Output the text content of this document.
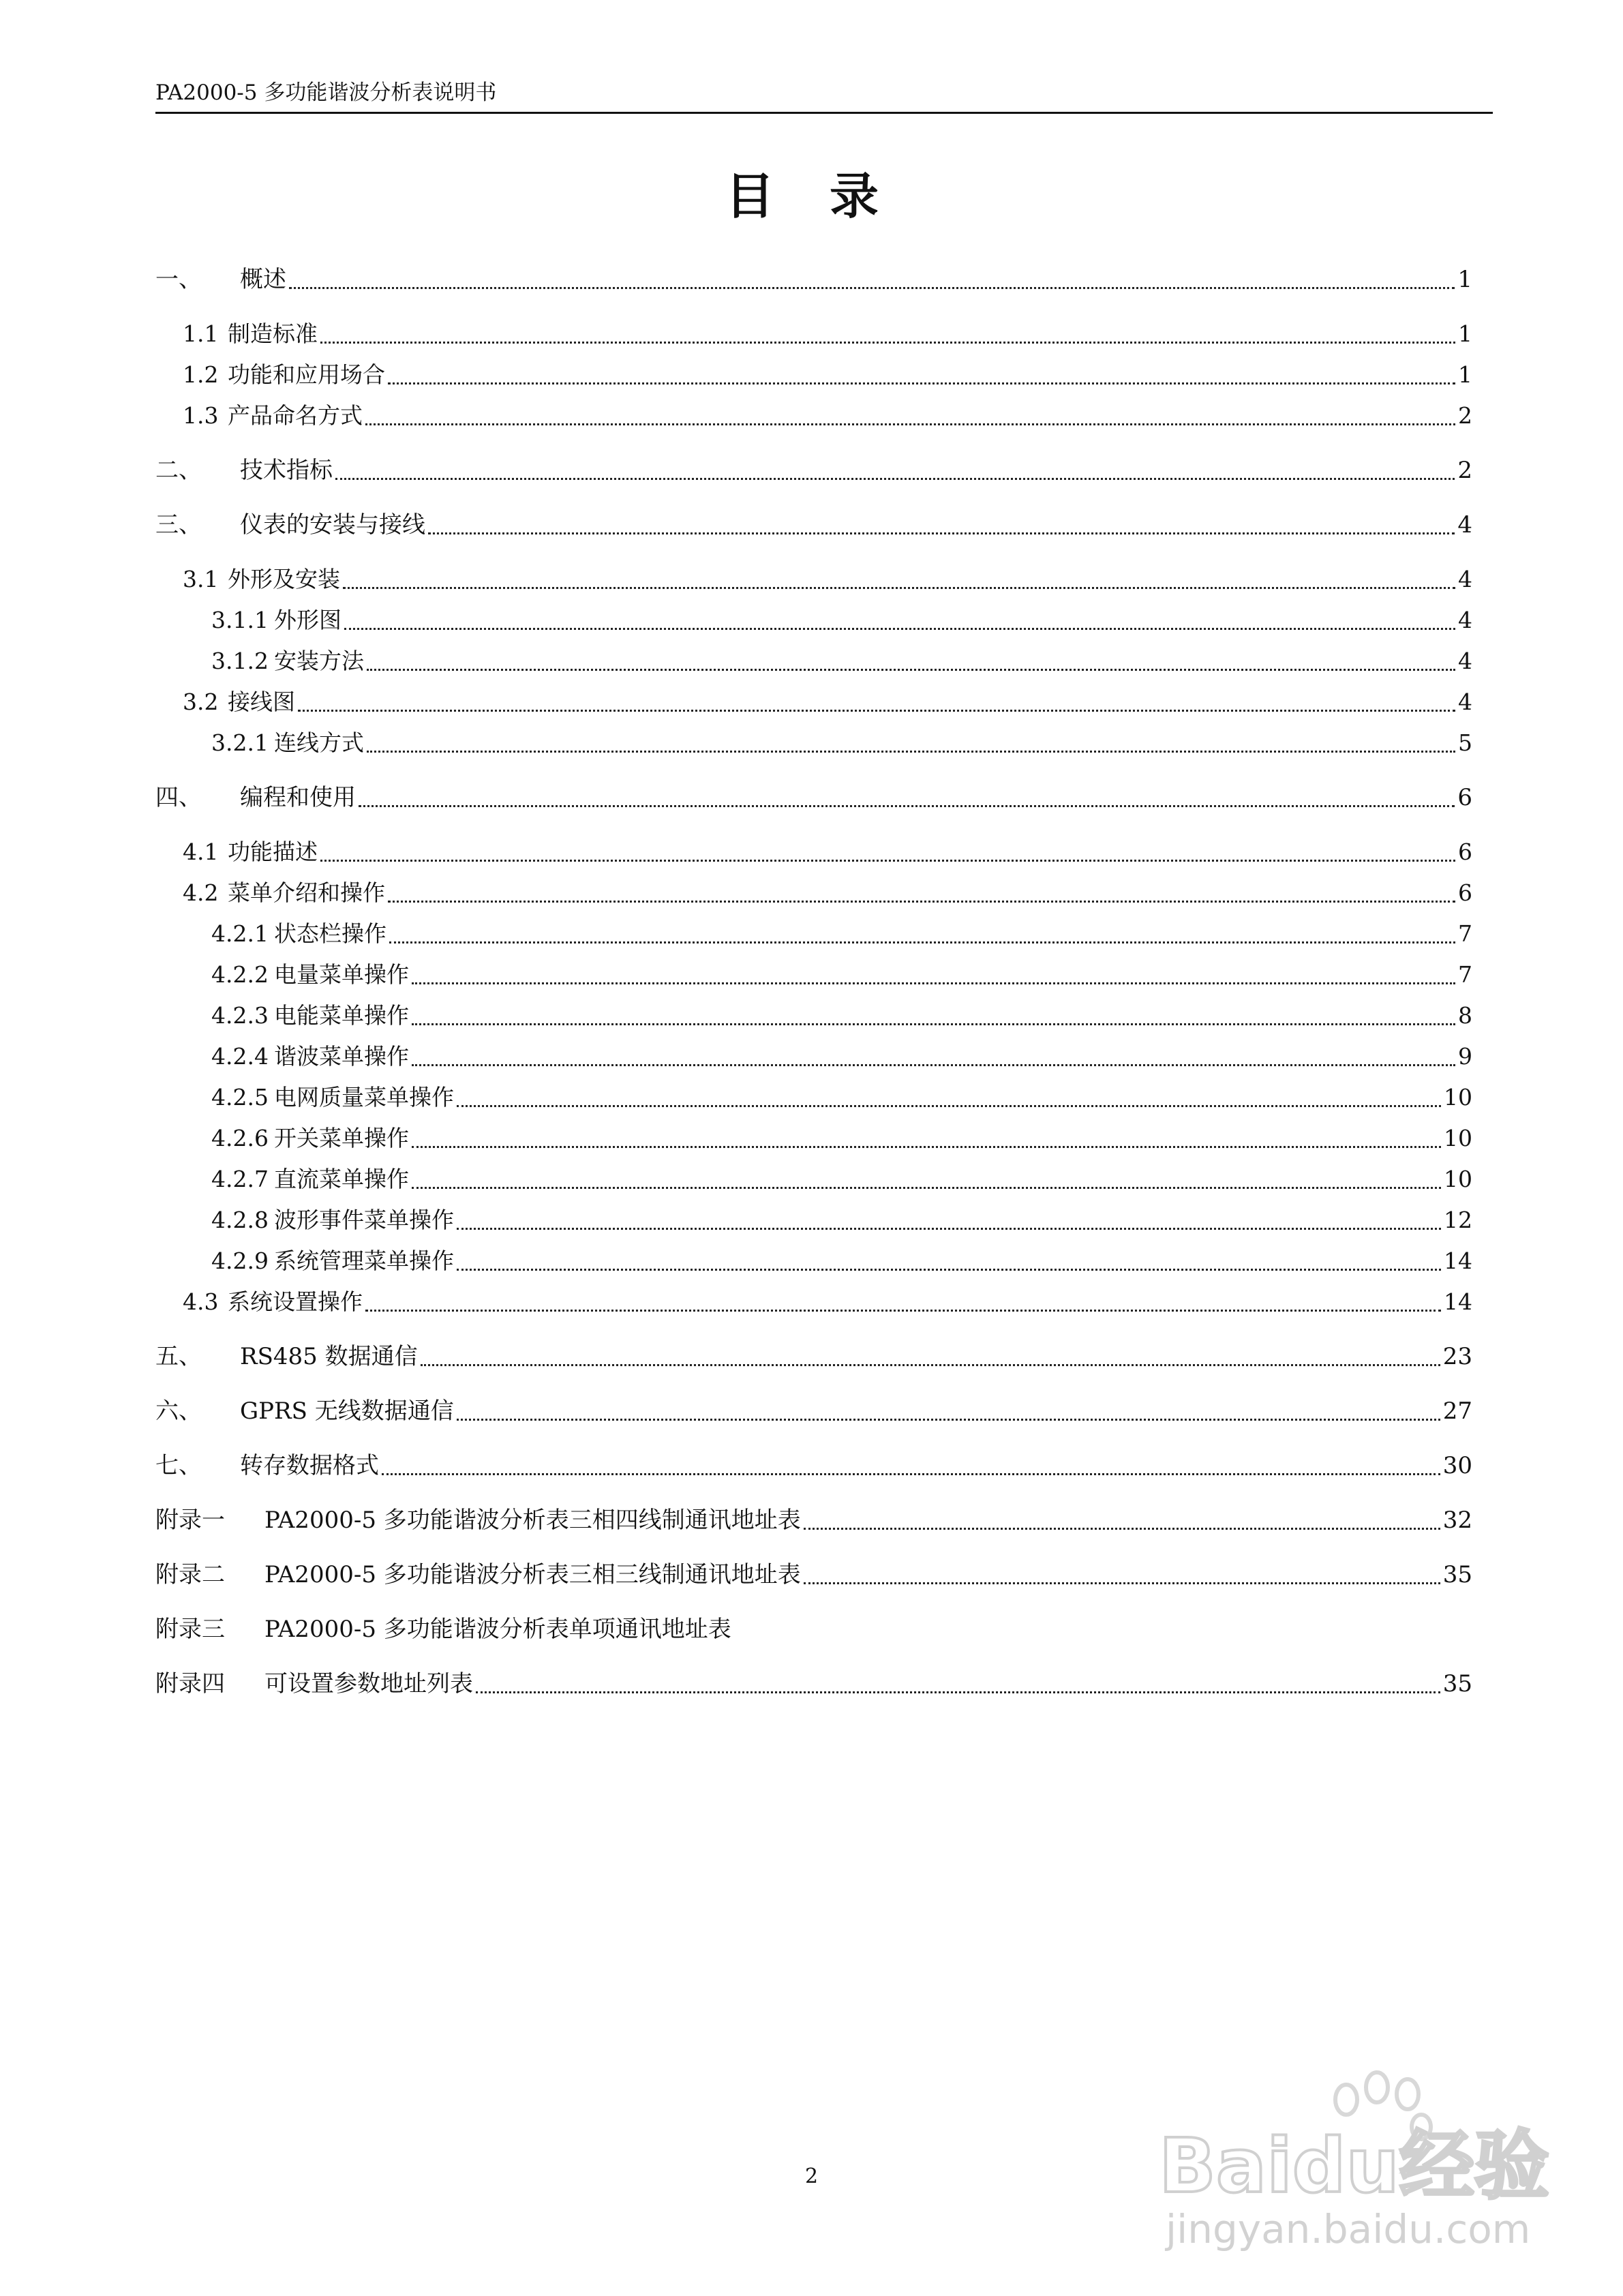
PA2000-5 多功能谐波分析表说明书
目 录
一、	概述	1
1.1 制造标准	1
1.2 功能和应用场合	1
1.3 产品命名方式	2
二、	技术指标	2
三、	仪表的安装与接线	4
3.1 外形及安装	4
3.1.1 外形图	4
3.1.2 安装方法	4
3.2 接线图	4
3.2.1 连线方式	5
四、	编程和使用	6
4.1 功能描述	6
4.2 菜单介绍和操作	6
4.2.1 状态栏操作	7
4.2.2 电量菜单操作	7
4.2.3 电能菜单操作	8
4.2.4 谐波菜单操作	9
4.2.5 电网质量菜单操作	10
4.2.6 开关菜单操作	10
4.2.7 直流菜单操作	10
4.2.8 波形事件菜单操作	12
4.2.9 系统管理菜单操作	14
4.3 系统设置操作	14
五、	RS485 数据通信	23
六、	GPRS 无线数据通信	27
七、	转存数据格式	30
附录一	PA2000-5 多功能谐波分析表三相四线制通讯地址表	32
附录二	PA2000-5 多功能谐波分析表三相三线制通讯地址表	35
附录三	PA2000-5 多功能谐波分析表单项通讯地址表
附录四	可设置参数地址列表	35
2	Baidu经验
jingyan.baidu.com
